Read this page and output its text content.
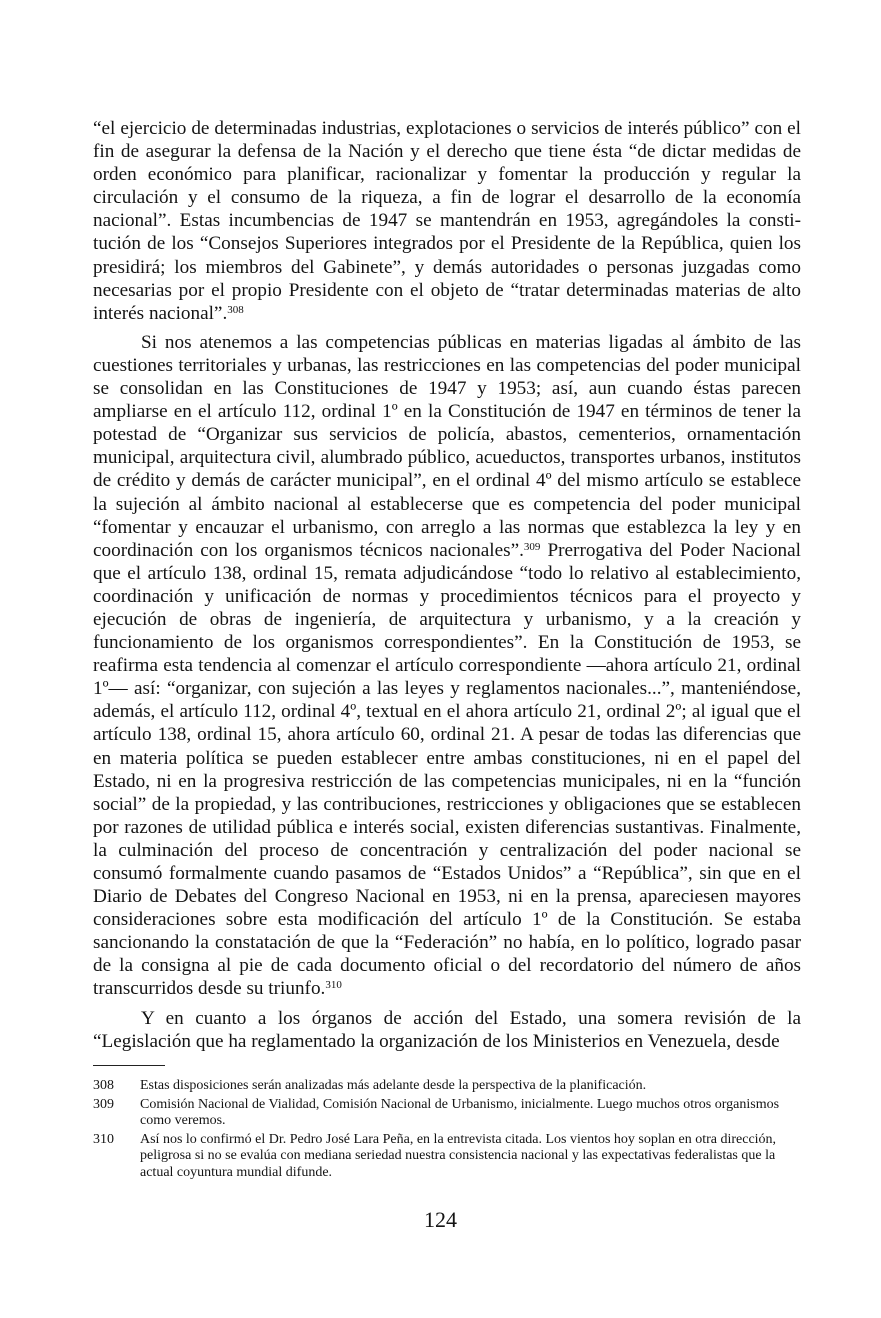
“el ejercicio de determinadas industrias, explotaciones o servicios de interés público” con el fin de asegurar la defensa de la Nación y el derecho que tiene ésta “de dictar medidas de orden económico para planificar, racionalizar y fomentar la producción y regular la circulación y el consumo de la riqueza, a fin de lograr el desarrollo de la economía nacional”. Estas incumbencias de 1947 se mantendrán en 1953, agregándoles la constitución de los “Consejos Superiores integrados por el Presidente de la República, quien los presidirá; los miembros del Gabinete”, y demás autoridades o personas juzgadas como necesarias por el propio Presidente con el objeto de “tratar determinadas materias de alto interés nacional”.$^{308}$

Si nos atenemos a las competencias públicas en materias ligadas al ámbito de las cuestiones territoriales y urbanas, las restricciones en las competencias del poder municipal se consolidan en las Constituciones de 1947 y 1953; así, aun cuando éstas parecen ampliarse en el artículo 112, ordinal 1º en la Constitución de 1947 en términos de tener la potestad de “Organizar sus servicios de policía, abastos, cementerios, ornamentación municipal, arquitectura civil, alumbrado público, acueductos, transportes urbanos, institutos de crédito y demás de carácter municipal”, en el ordinal 4º del mismo artículo se establece la sujeción al ámbito nacional al establecerse que es competencia del poder municipal “fomentar y encauzar el urbanismo, con arreglo a las normas que establezca la ley y en coordinación con los organismos técnicos nacionales”.$^{309}$ Prerrogativa del Poder Nacional que el artículo 138, ordinal 15, remata adjudicándose “todo lo relativo al establecimiento, coordinación y unificación de normas y procedimientos técnicos para el proyecto y ejecución de obras de ingeniería, de arquitectura y urbanismo, y a la creación y funcionamiento de los organismos correspondientes”. En la Constitución de 1953, se reafirma esta tendencia al comenzar el artículo correspondiente —ahora artículo 21, ordinal 1º— así: “organizar, con sujeción a las leyes y reglamentos nacionales...”, manteniéndose, además, el artículo 112, ordinal 4º, textual en el ahora artículo 21, ordinal 2º; al igual que el artículo 138, ordinal 15, ahora artículo 60, ordinal 21. A pesar de todas las diferencias que en materia política se pueden establecer entre ambas constituciones, ni en el papel del Estado, ni en la progresiva restricción de las competencias municipales, ni en la “función social” de la propiedad, y las contribuciones, restricciones y obligaciones que se establecen por razones de utilidad pública e interés social, existen diferencias sustantivas. Finalmente, la culminación del proceso de concentración y centralización del poder nacional se consumó formalmente cuando pasamos de “Estados Unidos” a “República”, sin que en el Diario de Debates del Congreso Nacional en 1953, ni en la prensa, apareciesen mayores consideraciones sobre esta modificación del artículo 1º de la Constitución. Se estaba sancionando la constatación de que la “Federación” no había, en lo político, logrado pasar de la consigna al pie de cada documento oficial o del recordatorio del número de años transcurridos desde su triunfo.$^{310}$

Y en cuanto a los órganos de acción del Estado, una somera revisión de la “Legislación que ha reglamentado la organización de los Ministerios en Venezuela, desde

308	Estas disposiciones serán analizadas más adelante desde la perspectiva de la planificación.
309	Comisión Nacional de Vialidad, Comisión Nacional de Urbanismo, inicialmente. Luego muchos otros organismos como veremos.
310	Así nos lo confirmó el Dr. Pedro José Lara Peña, en la entrevista citada. Los vientos hoy soplan en otra dirección, peligrosa si no se evalúa con mediana seriedad nuestra consistencia nacional y las expectativas federalistas que la actual coyuntura mundial difunde.
124
